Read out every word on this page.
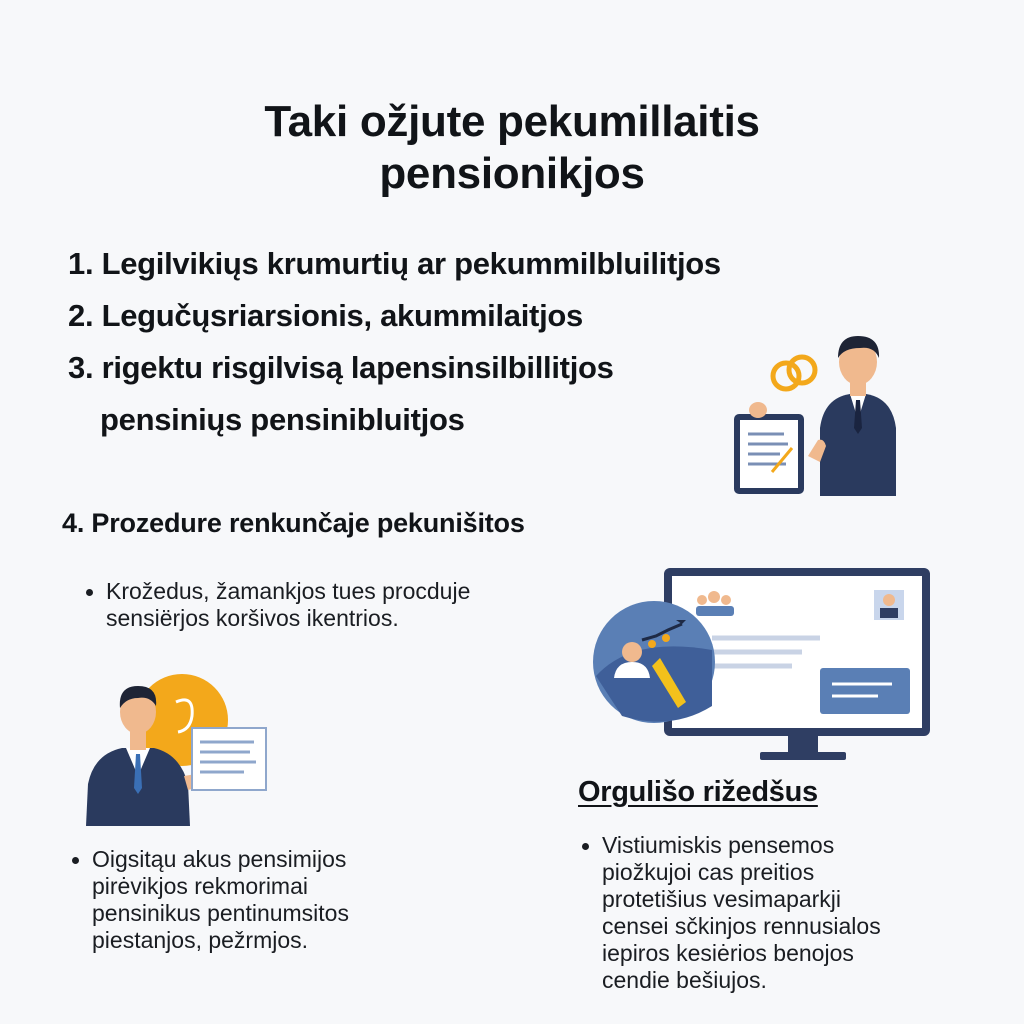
Taki ožjute pekumillaitis
pensionikjos
1. Legilvikiųs krumurtių ar pekummilbluilitjos
2. Legučųsriarsionis, akummilaitjos
3. rigektu risgilvisą lapensinsilbillitjos
pensiniųs pensinibluitjos
4. Prozedure renkunčaje pekunišitos
Krožedus, žamankjos tues procduje
sensiërjos koršivos ikentrios.
Oigsitąu akus pensimijos
pirėvikjos rekmorimai
pensinikus pentinumsitos
piestanjos, pežrmjos.
Orgulišo rižedšus
Vistiumiskis pensemos
piožkujoi cas preitios
protetišius vesimaparkji
censei sčkinjos rennusialos
iepiros kesiėrios benojos
cendie bešiujos.
